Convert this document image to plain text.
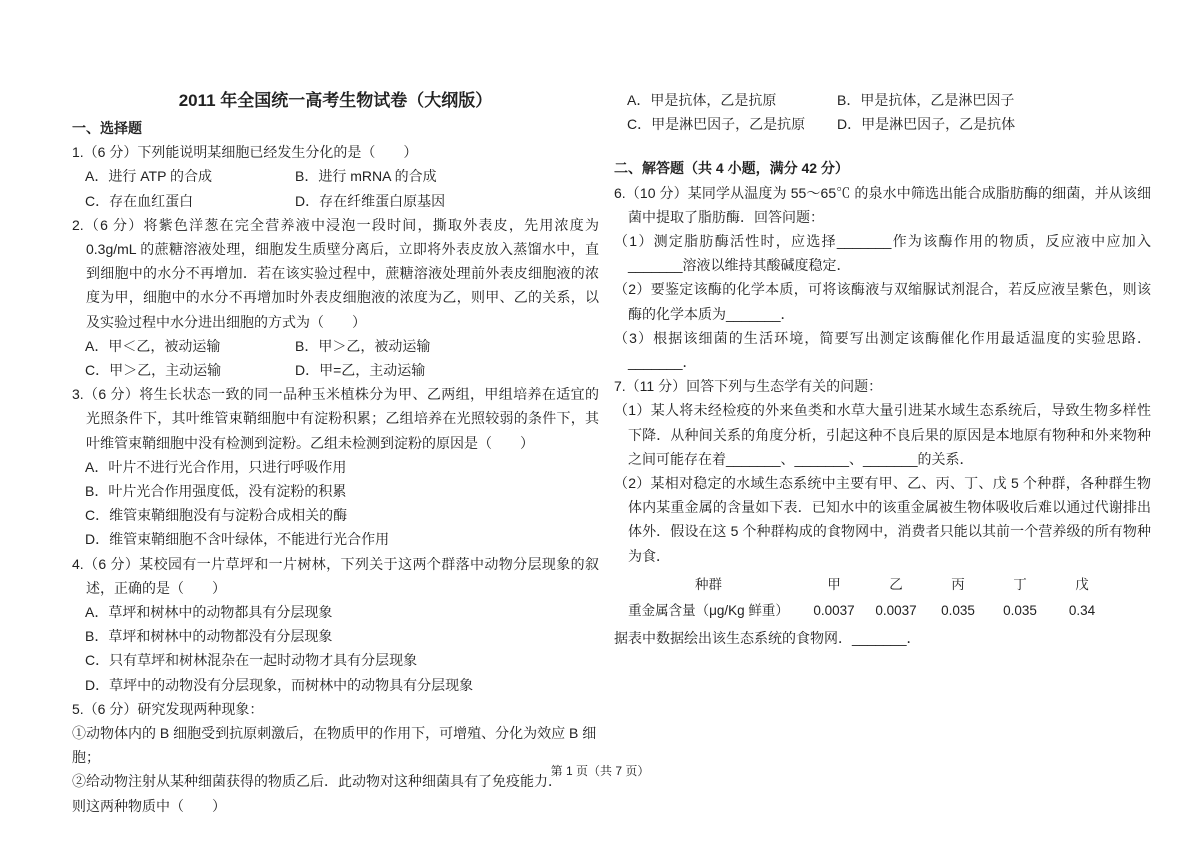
2011 年全国统一高考生物试卷（大纲版）
一、选择题

1.（6 分）下列能说明某细胞已经发生分化的是（　　）

A．进行 ATP 的合成	B．进行 mRNA 的合成
C．存在血红蛋白	D．存在纤维蛋白原基因

2.（6 分）将紫色洋葱在完全营养液中浸泡一段时间，撕取外表皮，先用浓度为 0.3g/mL 的蔗糖溶液处理，细胞发生质壁分离后，立即将外表皮放入蒸馏水中，直到细胞中的水分不再增加．若在该实验过程中，蔗糖溶液处理前外表皮细胞液的浓度为甲，细胞中的水分不再增加时外表皮细胞液的浓度为乙，则甲、乙的关系，以及实验过程中水分进出细胞的方式为（　　）

A．甲＜乙，被动运输	B．甲＞乙，被动运输
C．甲＞乙，主动运输	D．甲=乙，主动运输

3.（6 分）将生长状态一致的同一品种玉米植株分为甲、乙两组，甲组培养在适宜的光照条件下，其叶维管束鞘细胞中有淀粉积累；乙组培养在光照较弱的条件下，其叶维管束鞘细胞中没有检测到淀粉。乙组未检测到淀粉的原因是（　　）

A．叶片不进行光合作用，只进行呼吸作用

B．叶片光合作用强度低，没有淀粉的积累

C．维管束鞘细胞没有与淀粉合成相关的酶

D．维管束鞘细胞不含叶绿体，不能进行光合作用

4.（6 分）某校园有一片草坪和一片树林，下列关于这两个群落中动物分层现象的叙述，正确的是（　　）

A．草坪和树林中的动物都具有分层现象

B．草坪和树林中的动物都没有分层现象

C．只有草坪和树林混杂在一起时动物才具有分层现象

D．草坪中的动物没有分层现象，而树林中的动物具有分层现象

5.（6 分）研究发现两种现象：

①动物体内的 B 细胞受到抗原刺激后，在物质甲的作用下，可增殖、分化为效应 B 细胞；

②给动物注射从某种细菌获得的物质乙后．此动物对这种细菌具有了免疫能力．

则这两种物质中（　　）

A．甲是抗体，乙是抗原	B．甲是抗体，乙是淋巴因子
C．甲是淋巴因子，乙是抗原	D．甲是淋巴因子，乙是抗体
二、解答题（共 4 小题，满分 42 分）

6.（10 分）某同学从温度为 55～65℃ 的泉水中筛选出能合成脂肪酶的细菌，并从该细菌中提取了脂肪酶．回答问题：

（1）测定脂肪酶活性时，应选择_______作为该酶作用的物质，反应液中应加入_______溶液以维持其酸碱度稳定．

（2）要鉴定该酶的化学本质，可将该酶液与双缩脲试剂混合，若反应液呈紫色，则该酶的化学本质为_______．

（3）根据该细菌的生活环境，简要写出测定该酶催化作用最适温度的实验思路．_______．

7.（11 分）回答下列与生态学有关的问题：

（1）某人将未经检疫的外来鱼类和水草大量引进某水域生态系统后，导致生物多样性下降．从种间关系的角度分析，引起这种不良后果的原因是本地原有物种和外来物种之间可能存在着_______、_______、_______的关系．

（2）某相对稳定的水域生态系统中主要有甲、乙、丙、丁、戊 5 个种群，各种群生物体内某重金属的含量如下表．已知水中的该重金属被生物体吸收后难以通过代谢排出体外．假设在这 5 个种群构成的食物网中，消费者只能以其前一个营养级的所有物种为食．

种群	甲	乙	丙	丁	戊
重金属含量（μg/Kg 鲜重）	0.0037	0.0037	0.035	0.035	0.34

据表中数据绘出该生态系统的食物网．_______．

第 1 页（共 7 页）
